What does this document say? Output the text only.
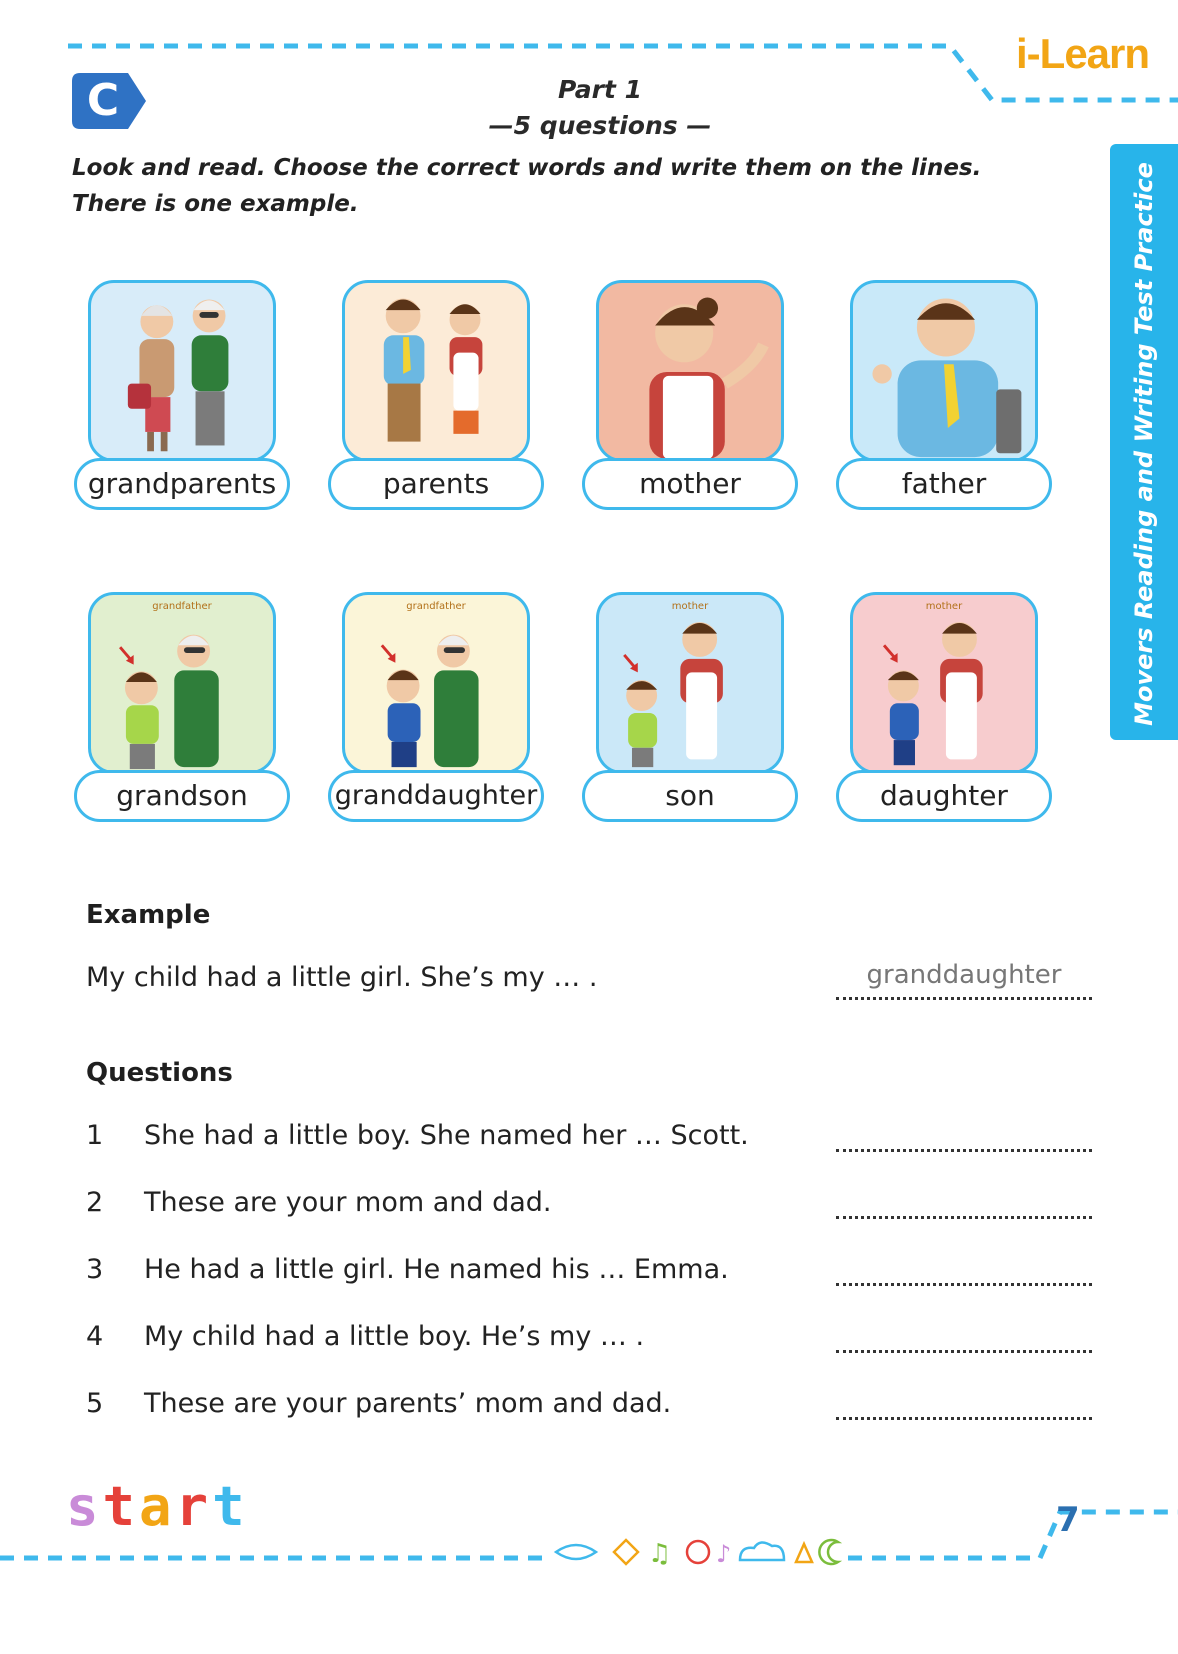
i-Learn
Movers Reading and Writing Test Practice
C	Part 1
—5 questions —
Look and read. Choose the correct words and write them on the lines.
There is one example.
grandparents	parents	mother	father
grandfather	grandfather	mother	mother
grandson	granddaughter	son	daughter
Example
My child had a little girl. She’s my … .	granddaughter
Questions
1 She had a little boy. She named her … Scott.
2 These are your mom and dad.
3 He had a little girl. He named his … Emma.
4 My child had a little boy. He’s my … .
5 These are your parents’ mom and dad.
start
♫ ♪
7
